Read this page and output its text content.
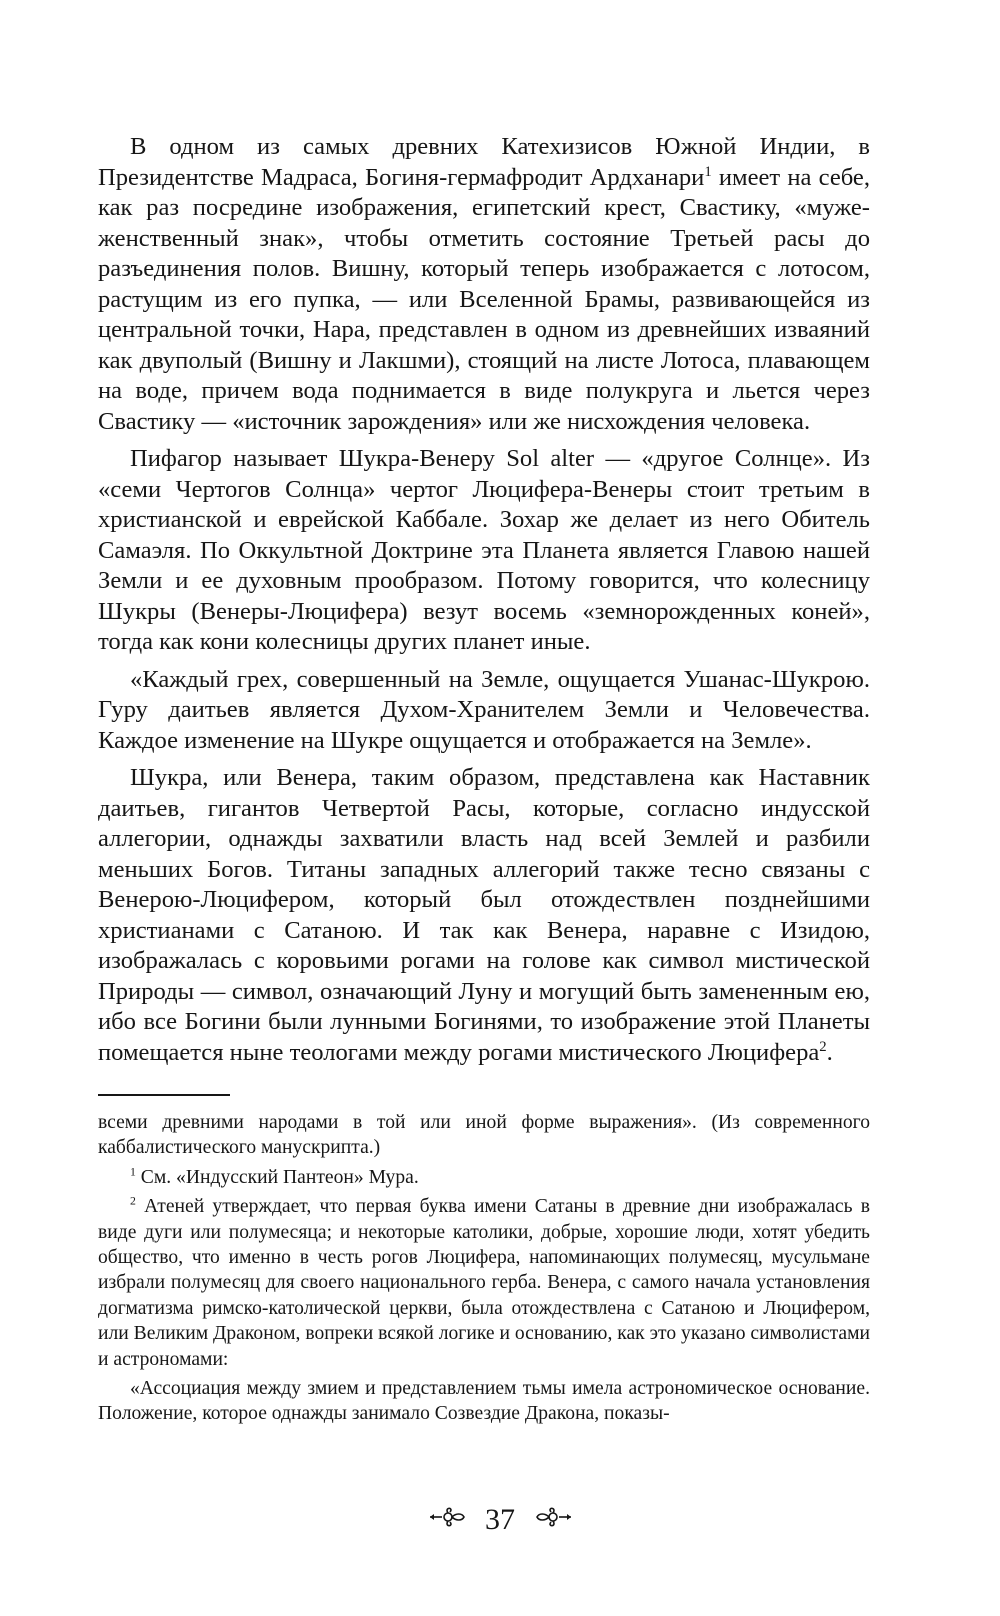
В одном из самых древних Катехизисов Южной Индии, в Президентстве Мадраса, Богиня-гермафродит Ардханари$^1$ имеет на себе, как раз посредине изображения, египетский крест, Свастику, «муже-женственный знак», чтобы отметить состояние Третьей расы до разъединения полов. Вишну, который теперь изображается с лотосом, растущим из его пупка, — или Вселенной Брамы, развивающейся из центральной точки, Нара, представлен в одном из древнейших изваяний как двуполый (Вишну и Лакшми), стоящий на листе Лотоса, плавающем на воде, причем вода поднимается в виде полукруга и льется через Свастику — «источник зарождения» или же нисхождения человека.

Пифагор называет Шукра-Венеру Sol alter — «другое Солнце». Из «семи Чертогов Солнца» чертог Люцифера-Венеры стоит третьим в христианской и еврейской Каббале. Зохар же делает из него Обитель Самаэля. По Оккультной Доктрине эта Планета является Главою нашей Земли и ее духовным прообразом. Потому говорится, что колесницу Шукры (Венеры-Люцифера) везут восемь «земнорожденных коней», тогда как кони колесницы других планет иные.

«Каждый грех, совершенный на Земле, ощущается Ушанас-Шукрою. Гуру даитьев является Духом-Хранителем Земли и Человечества. Каждое изменение на Шукре ощущается и отображается на Земле».

Шукра, или Венера, таким образом, представлена как Наставник даитьев, гигантов Четвертой Расы, которые, согласно индусской аллегории, однажды захватили власть над всей Землей и разбили меньших Богов. Титаны западных аллегорий также тесно связаны с Венерою-Люцифером, который был отождествлен позднейшими христианами с Сатаною. И так как Венера, наравне с Изидою, изображалась с коровьими рогами на голове как символ мистической Природы — символ, означающий Луну и могущий быть замененным ею, ибо все Богини были лунными Богинями, то изображение этой Планеты помещается ныне теологами между рогами мистического Люцифера$^2$.

всеми древними народами в той или иной форме выражения». (Из современного каббалистического манускрипта.)

$^1$ См. «Индусский Пантеон» Мура.

$^2$ Атеней утверждает, что первая буква имени Сатаны в древние дни изображалась в виде дуги или полумесяца; и некоторые католики, добрые, хорошие люди, хотят убедить общество, что именно в честь рогов Люцифера, напоминающих полумесяц, мусульмане избрали полумесяц для своего национального герба. Венера, с самого начала установления догматизма римско-католической церкви, была отождествлена с Сатаною и Люцифером, или Великим Драконом, вопреки всякой логике и основанию, как это указано символистами и астрономами:

«Ассоциация между змием и представлением тьмы имела астрономическое основание. Положение, которое однажды занимало Созвездие Дракона, показы-

37
